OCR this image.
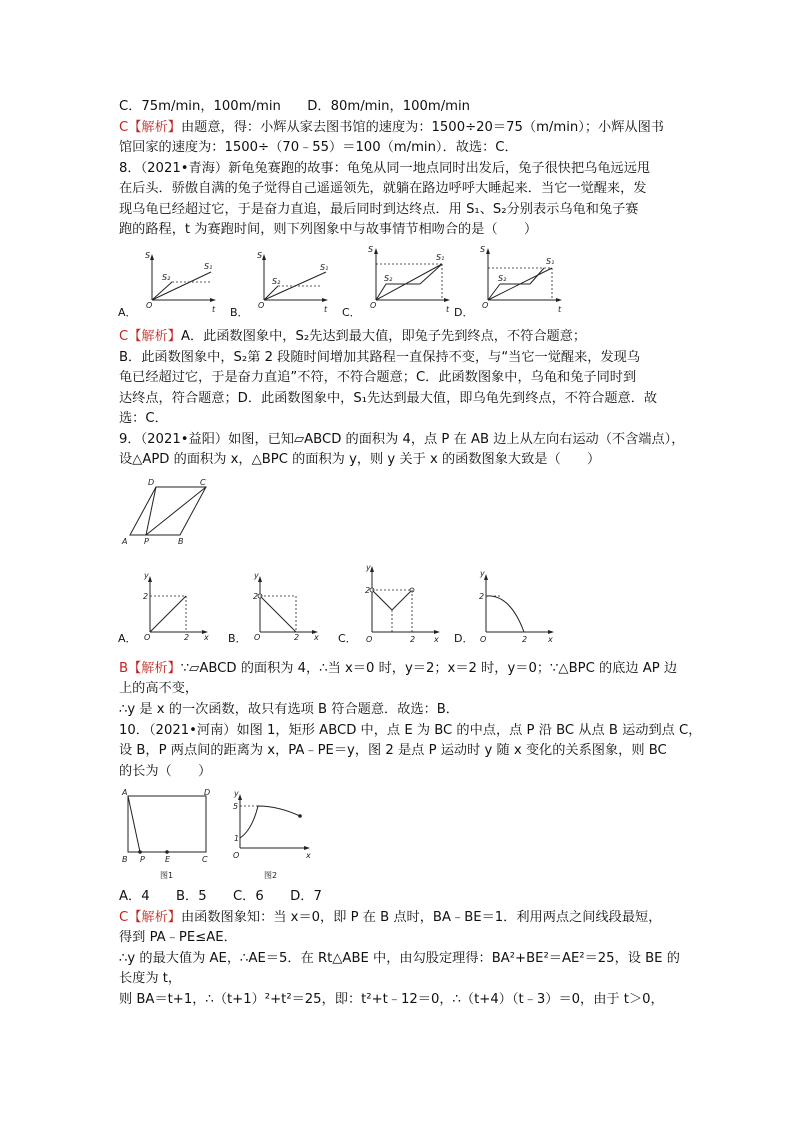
C．75m/min，100m/min　　D．80m/min，100m/min
C【解析】由题意，得：小辉从家去图书馆的速度为：1500÷20＝75（m/min）；小辉从图书
馆回家的速度为：1500÷（70﹣55）＝100（m/min）．故选：C．
8．（2021•青海）新龟兔赛跑的故事：龟兔从同一地点同时出发后，兔子很快把乌龟远远甩
在后头．骄傲自满的兔子觉得自己遥遥领先，就躺在路边呼呼大睡起来．当它一觉醒来，发
现乌龟已经超过它，于是奋力直追，最后同时到达终点．用 S₁、S₂分别表示乌龟和兔子赛
跑的路程，t 为赛跑时间，则下列图象中与故事情节相吻合的是（　　）
A．
S
t
O
S₁
S₂
B．
S
t
O
S₁
S₂
C．
S
t
O
S₁
S₂
D．
S
t
O
S₁
S₂
C【解析】A．此函数图象中，S₂先达到最大值，即兔子先到终点，不符合题意；
B．此函数图象中，S₂第 2 段随时间增加其路程一直保持不变，与“当它一觉醒来，发现乌
龟已经超过它，于是奋力直追”不符，不符合题意；C．此函数图象中，乌龟和兔子同时到
达终点，符合题意；D．此函数图象中，S₁先达到最大值，即乌龟先到终点，不符合题意．故
选：C．
9．（2021•益阳）如图，已知▱ABCD 的面积为 4，点 P 在 AB 边上从左向右运动（不含端点），
设△APD 的面积为 x，△BPC 的面积为 y，则 y 关于 x 的函数图象大致是（　　）
A P	B
C
D
A．
y
x
O
2
2	B．
y
x
O
2
2	C．
y
x
O
2
2	D．
y
x
O
2
2
B【解析】∵▱ABCD 的面积为 4，∴当 x＝0 时，y＝2；x＝2 时，y＝0；∵△BPC 的底边 AP 边
上的高不变，
∴y 是 x 的一次函数，故只有选项 B 符合题意．故选：B．
10．（2021•河南）如图 1，矩形 ABCD 中，点 E 为 BC 的中点，点 P 沿 BC 从点 B 运动到点 C，
设 B，P 两点间的距离为 x，PA﹣PE＝y，图 2 是点 P 运动时 y 随 x 变化的关系图象，则 BC
的长为（　　）
A	D
B P	E	C
图1
y
x
O
5
1
图2
A．4　　B．5　　C．6　　D．7
C【解析】由函数图象知：当 x＝0，即 P 在 B 点时，BA﹣BE＝1．利用两点之间线段最短，
得到 PA﹣PE≤AE．
∴y 的最大值为 AE，∴AE＝5．在 Rt△ABE 中，由勾股定理得：BA²+BE²＝AE²＝25，设 BE 的
长度为 t，
则 BA＝t+1，∴（t+1）²+t²＝25，即：t²+t﹣12＝0，∴（t+4）（t﹣3）＝0，由于 t＞0，
